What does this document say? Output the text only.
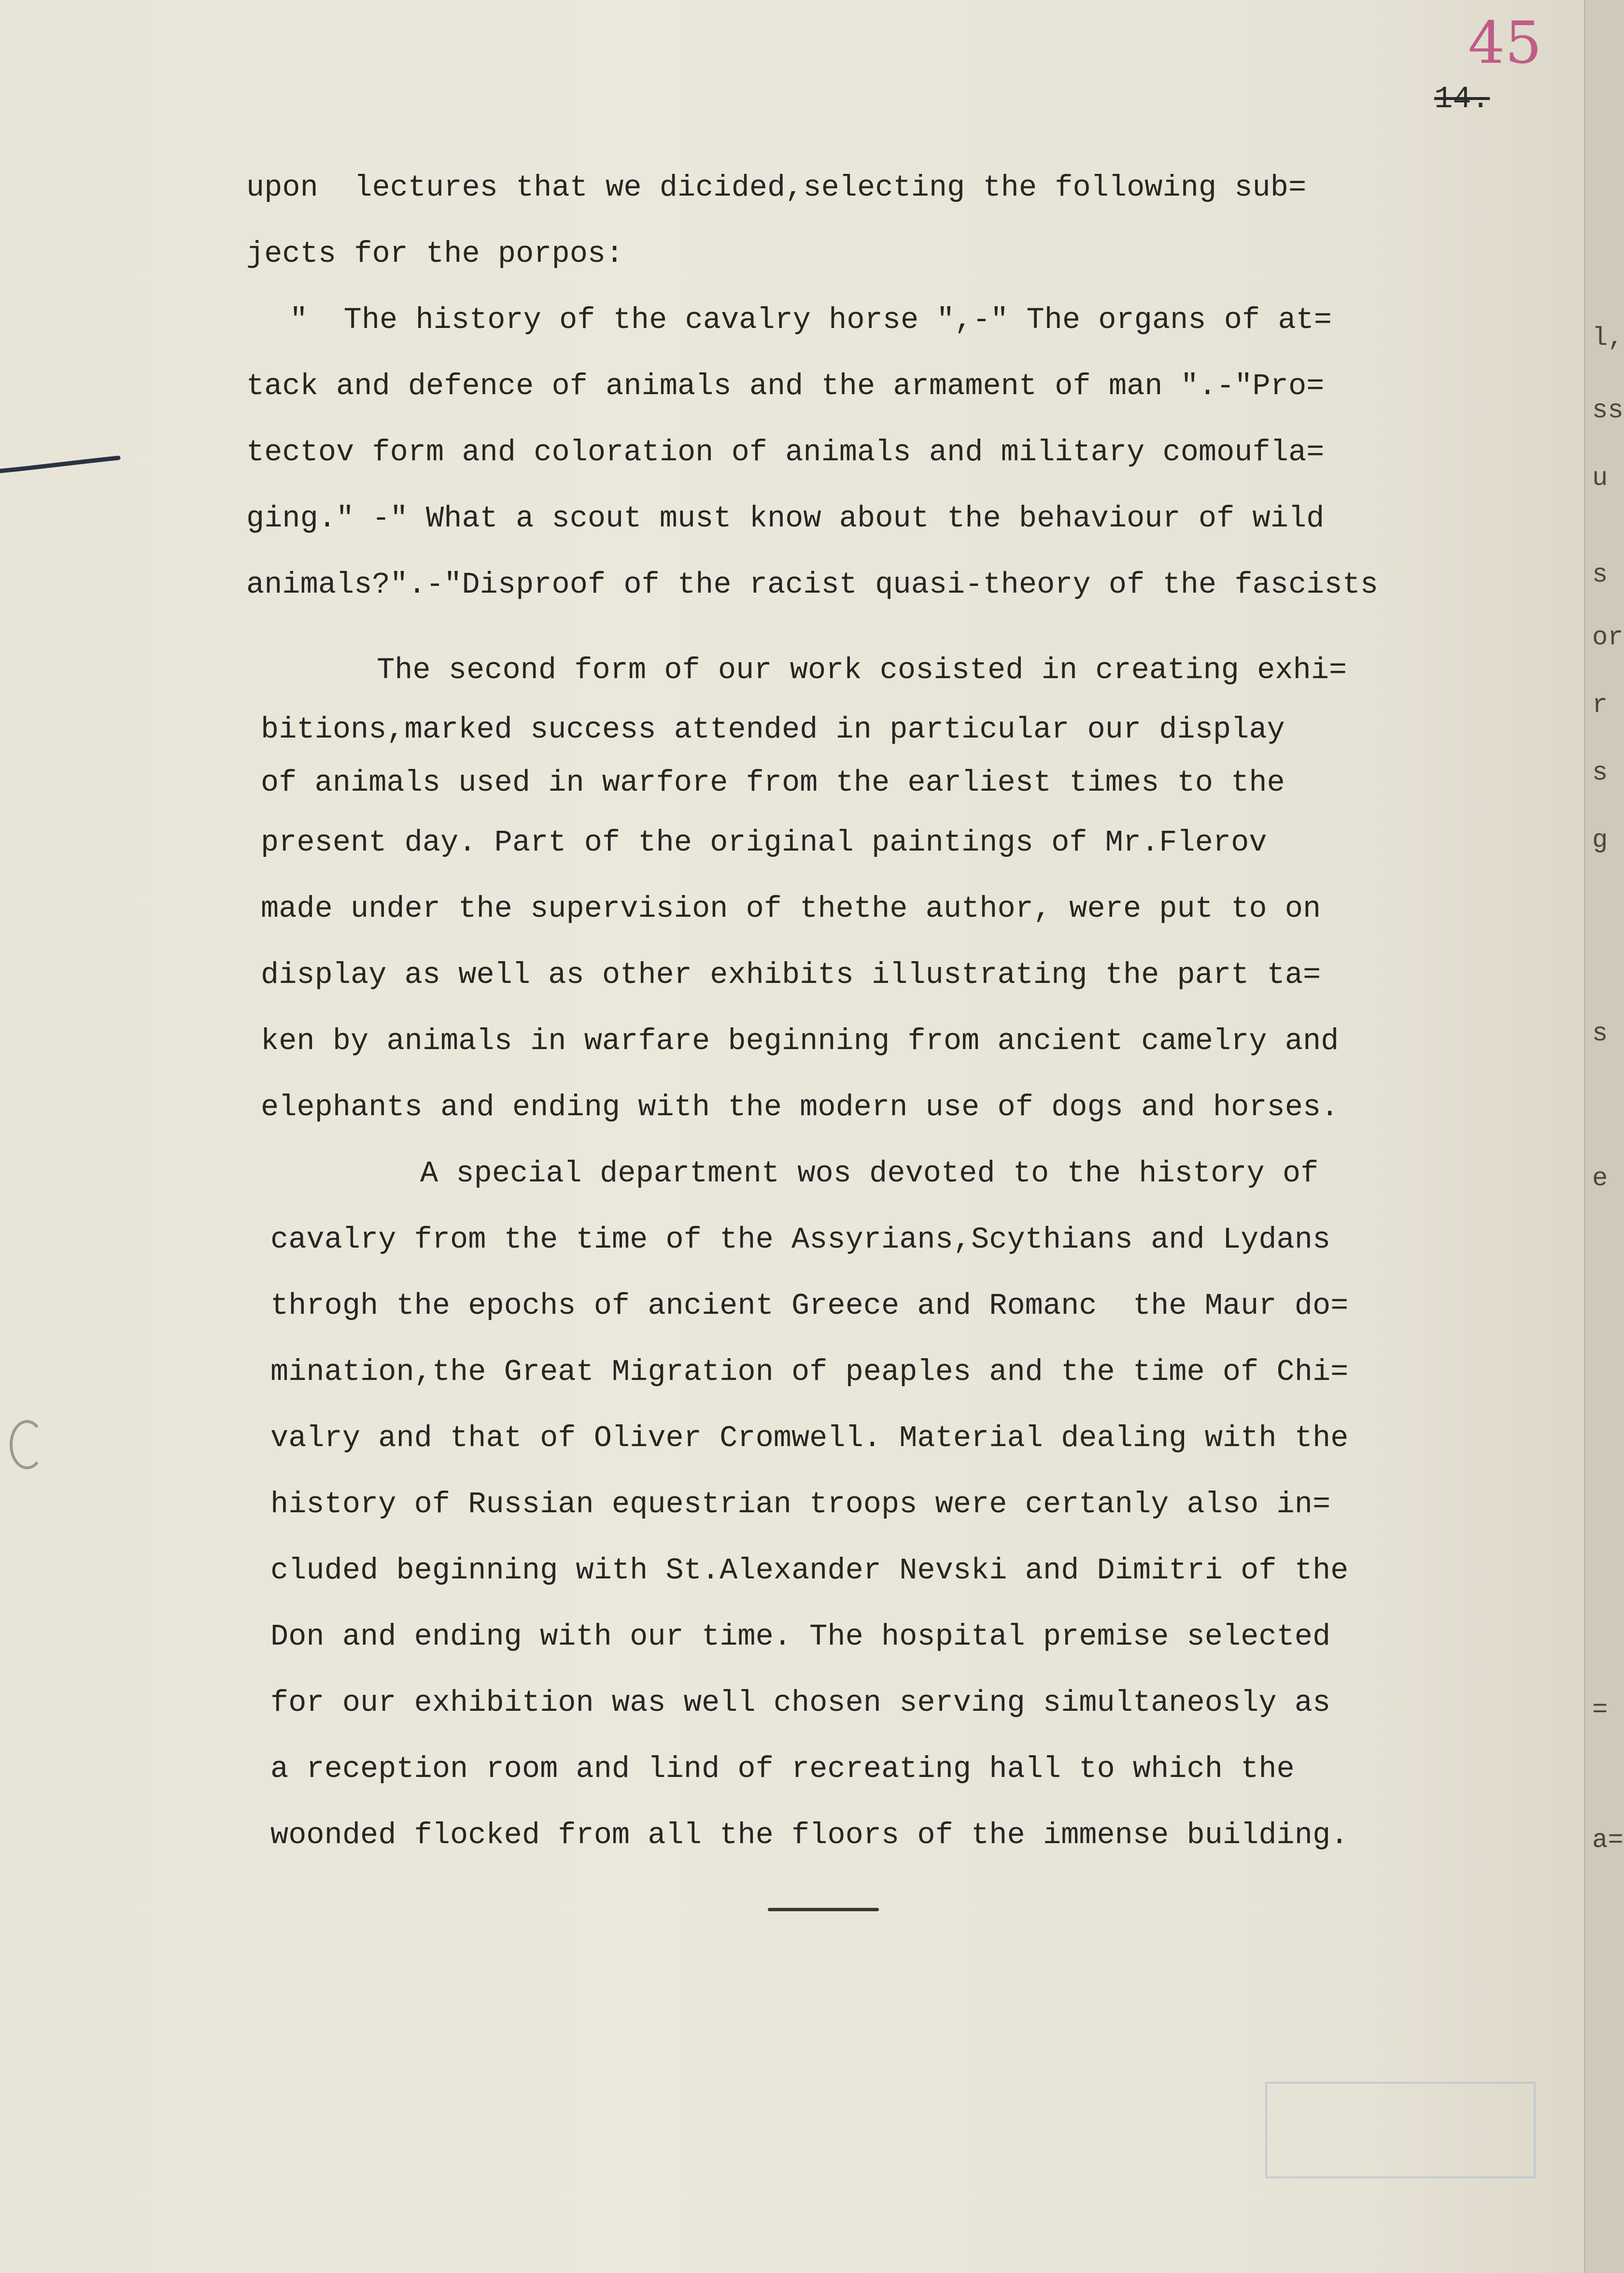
45
14.
upon  lectures that we dicided,selecting the following sub=
jects for the porpos:
"  The history of the cavalry horse ",-" The organs of at=
tack and defence of animals and the armament of man ".-"Pro=
tectov form and coloration of animals and military comoufla=
ging." -" What a scout must know about the behaviour of wild
animals?".-"Disproof of the racist quasi-theory of the fascists
The second form of our work cosisted in creating exhi=
bitions,marked success attended in particular our display
of animals used in warfore from the earliest times to the
present day. Part of the original paintings of Mr.Flerov
made under the supervision of thethe author, were put to on
display as well as other exhibits illustrating the part ta=
ken by animals in warfare beginning from ancient camelry and
elephants and ending with the modern use of dogs and horses.
A special department wos devoted to the history of
cavalry from the time of the Assyrians,Scythians and Lydans
throgh the epochs of ancient Greece and Romanc  the Maur do=
mination,the Great Migration of peaples and the time of Chi=
valry and that of Oliver Cromwell. Material dealing with the
history of Russian equestrian troops were certanly also in=
cluded beginning with St.Alexander Nevski and Dimitri of the
Don and ending with our time. The hospital premise selected
for our exhibition was well chosen serving simultaneosly as
a reception room and lind of recreating hall to which the
woonded flocked from all the floors of the immense building.
l,
ss
u
s
or
r
s
g
s
e
=
a=
